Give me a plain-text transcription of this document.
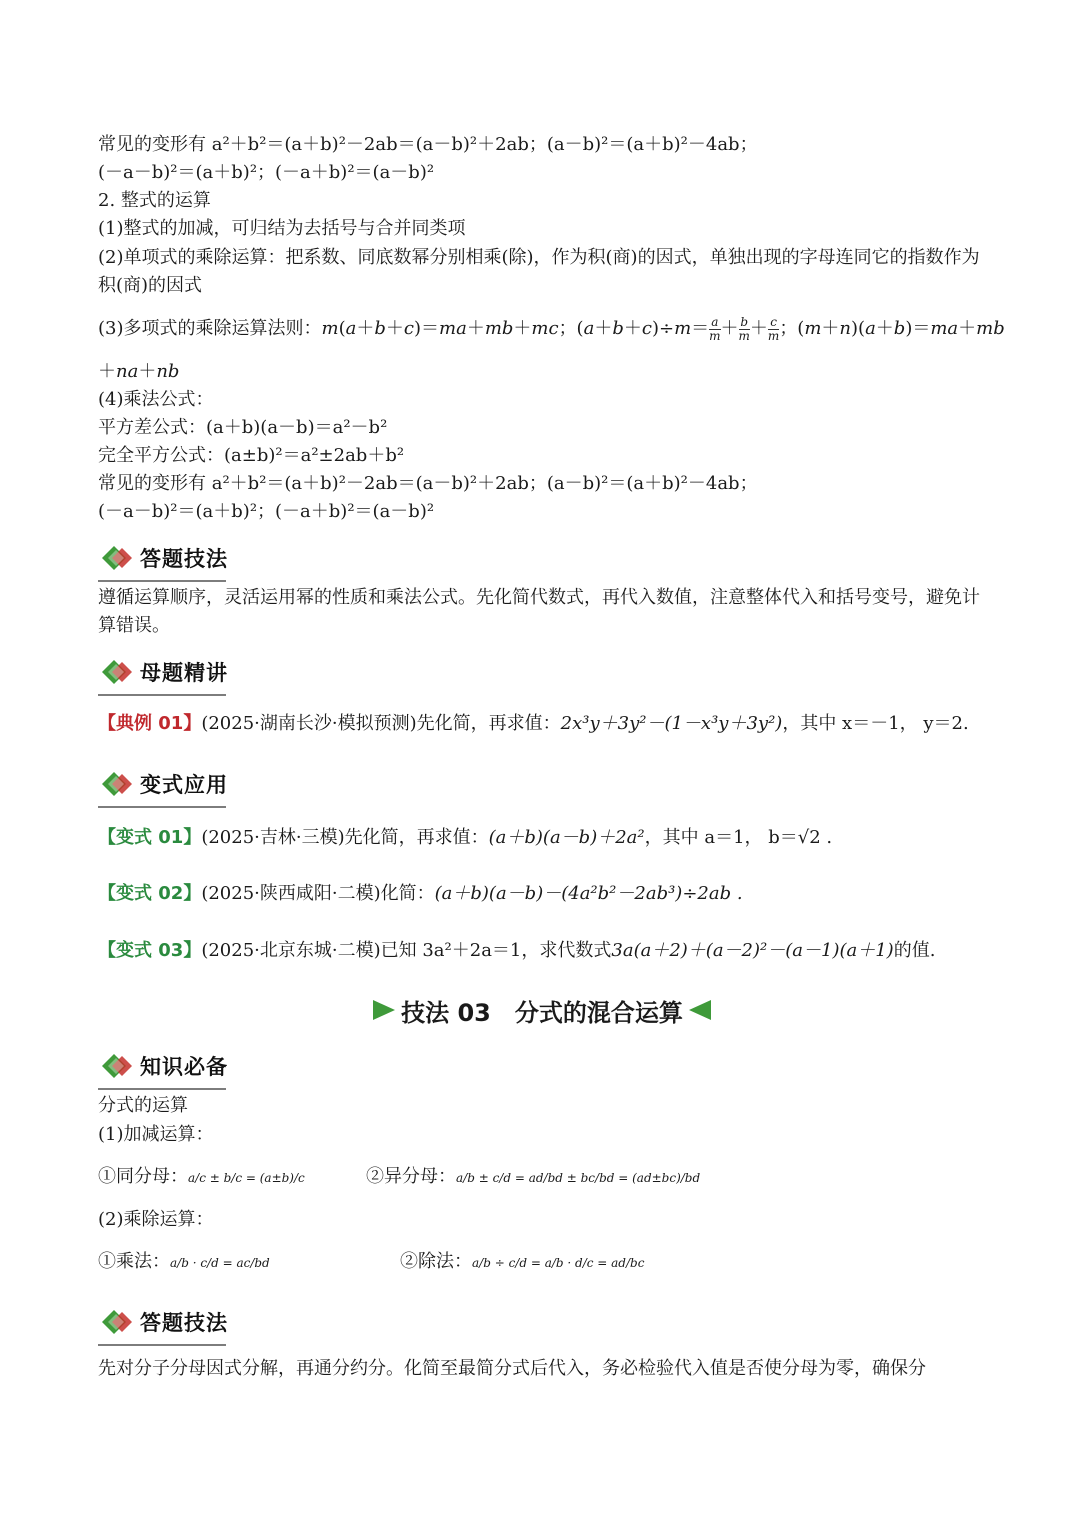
常见的变形有 a²＋b²＝(a＋b)²－2ab＝(a－b)²＋2ab；(a－b)²＝(a＋b)²－4ab；
(－a－b)²＝(a＋b)²；(－a＋b)²＝(a－b)²
2. 整式的运算
(1)整式的加减，可归结为去括号与合并同类项
(2)单项式的乘除运算：把系数、同底数幂分别相乘(除)，作为积(商)的因式，单独出现的字母连同它的指数作为积(商)的因式
(3)多项式的乘除运算法则：m(a＋b＋c)＝ma＋mb＋mc；$(a+b+c)\div m= \frac{a}{m} + \frac{b}{m} + \frac{c}{m}$ ；(m＋n)(a＋b)＝ma＋mb
＋na＋nb
(4)乘法公式：
平方差公式：(a＋b)(a－b)＝a²－b²
完全平方公式：(a±b)²＝a²±2ab＋b²
常见的变形有 a²＋b²＝(a＋b)²－2ab＝(a－b)²＋2ab；(a－b)²＝(a＋b)²－4ab；
(－a－b)²＝(a＋b)²；(－a＋b)²＝(a－b)²
答题技法
遵循运算顺序，灵活运用幂的性质和乘法公式。先化简代数式，再代入数值，注意整体代入和括号变号，避免计算错误。
母题精讲
【典例 01】(2025·湖南长沙·模拟预测)先化简，再求值：2x³y＋3y²－(1－x³y＋3y²)，其中 x＝－1， y＝2.
变式应用
【变式 01】(2025·吉林·三模)先化简，再求值：(a＋b)(a－b)＋2a²，其中 a＝1， b＝√2 .
【变式 02】(2025·陕西咸阳·二模)化简：(a＋b)(a－b)－(4a²b²－2ab³)÷2ab .
【变式 03】(2025·北京东城·二模)已知 3a²＋2a＝1，求代数式3a(a＋2)＋(a－2)²－(a－1)(a＋1)的值.
技法 03　分式的混合运算
知识必备
分式的运算
(1)加减运算：
①同分母：a/c ± b/c = (a±b)/c	②异分母：a/b ± c/d = ad/bd ± bc/bd = (ad±bc)/bd
(2)乘除运算：
①乘法：a/b · c/d = ac/bd	②除法：a/b ÷ c/d = a/b · d/c = ad/bc
答题技法
先对分子分母因式分解，再通分约分。化简至最简分式后代入，务必检验代入值是否使分母为零，确保分
